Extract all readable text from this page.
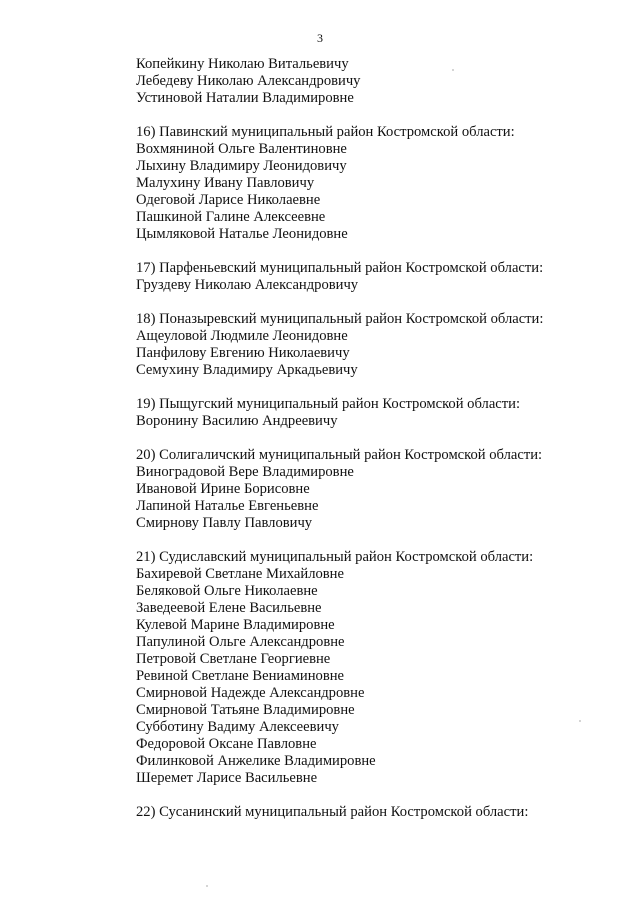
3
Копейкину Николаю Витальевичу
Лебедеву Николаю Александровичу
Устиновой Наталии Владимировне
16) Павинский муниципальный район Костромской области:
Вохмяниной Ольге Валентиновне
Лыхину Владимиру Леонидовичу
Малухину Ивану Павловичу
Одеговой Ларисе Николаевне
Пашкиной Галине Алексеевне
Цымляковой Наталье Леонидовне
17) Парфеньевский муниципальный район Костромской области:
Груздеву Николаю Александровичу
18) Поназыревский муниципальный район Костромской области:
Ащеуловой Людмиле Леонидовне
Панфилову Евгению Николаевичу
Семухину Владимиру Аркадьевичу
19) Пыщугский муниципальный район Костромской области:
Воронину Василию Андреевичу
20) Солигаличский муниципальный район Костромской области:
Виноградовой Вере Владимировне
Ивановой Ирине Борисовне
Лапиной Наталье Евгеньевне
Смирнову Павлу Павловичу
21) Судиславский муниципальный район Костромской области:
Бахиревой Светлане Михайловне
Беляковой Ольге Николаевне
Заведеевой Елене Васильевне
Кулевой Марине Владимировне
Папулиной Ольге Александровне
Петровой Светлане Георгиевне
Ревиной Светлане Вениаминовне
Смирновой Надежде Александровне
Смирновой Татьяне Владимировне
Субботину Вадиму Алексеевичу
Федоровой Оксане Павловне
Филинковой Анжелике Владимировне
Шеремет Ларисе Васильевне
22) Сусанинский муниципальный район Костромской области:
